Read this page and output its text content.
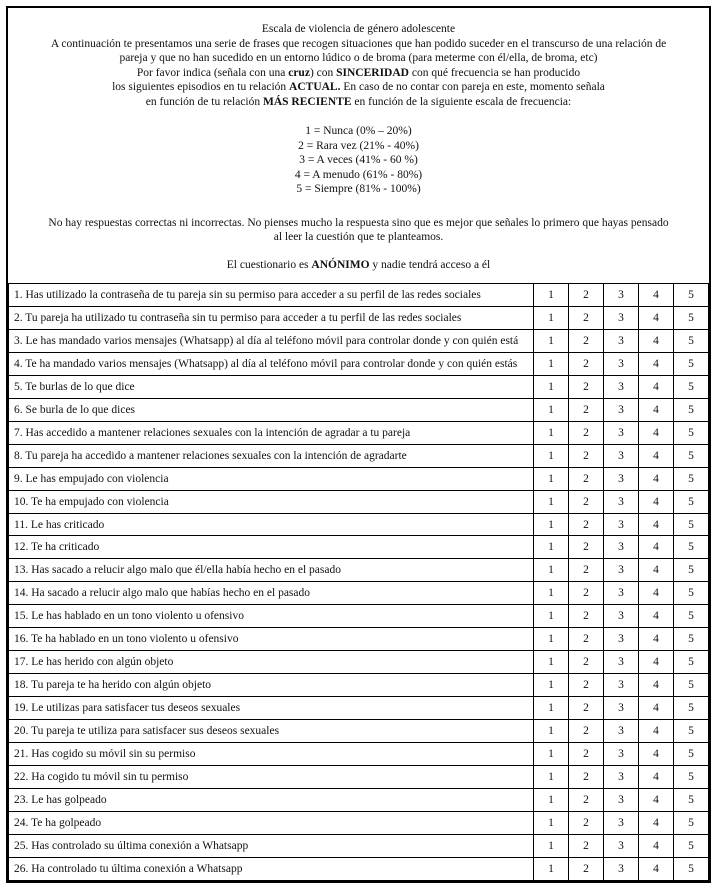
Escala de violencia de género adolescente
A continuación te presentamos una serie de frases que recogen situaciones que han podido suceder en el transcurso de una relación de
pareja y que no han sucedido en un entorno lúdico o de broma (para meterme con él/ella, de broma, etc)
Por favor indica (señala con una cruz) con SINCERIDAD con qué frecuencia se han producido
los siguientes episodios en tu relación ACTUAL. En caso de no contar con pareja en este, momento señala
en función de tu relación MÁS RECIENTE en función de la siguiente escala de frecuencia:
1 = Nunca (0% – 20%)
2 = Rara vez (21% - 40%)
3 = A veces (41% - 60 %)
4 = A menudo (61% - 80%)
5 = Siempre (81% - 100%)
No hay respuestas correctas ni incorrectas. No pienses mucho la respuesta sino que es mejor que señales lo primero que hayas pensado
al leer la cuestión que te planteamos.
El cuestionario es ANÓNIMO y nadie tendrá acceso a él
1. Has utilizado la contraseña de tu pareja sin su permiso para acceder a su perfil de las redes sociales	1	2	3	4	5
2. Tu pareja ha utilizado tu contraseña sin tu permiso para acceder a tu perfil de las redes sociales	1	2	3	4	5
3. Le has mandado varios mensajes (Whatsapp) al día al teléfono móvil para controlar donde y con quién está	1	2	3	4	5
4. Te ha mandado varios mensajes (Whatsapp) al día al teléfono móvil para controlar donde y con quién estás	1	2	3	4	5
5. Te burlas de lo que dice	1	2	3	4	5
6. Se burla de lo que dices	1	2	3	4	5
7. Has accedido a mantener relaciones sexuales con la intención de agradar a tu pareja	1	2	3	4	5
8. Tu pareja ha accedido a mantener relaciones sexuales con la intención de agradarte	1	2	3	4	5
9. Le has empujado con violencia	1	2	3	4	5
10. Te ha empujado con violencia	1	2	3	4	5
11. Le has criticado	1	2	3	4	5
12. Te ha criticado	1	2	3	4	5
13. Has sacado a relucir algo malo que él/ella había hecho en el pasado	1	2	3	4	5
14. Ha sacado a relucir algo malo que habías hecho en el pasado	1	2	3	4	5
15. Le has hablado en un tono violento u ofensivo	1	2	3	4	5
16. Te ha hablado en un tono violento u ofensivo	1	2	3	4	5
17. Le has herido con algún objeto	1	2	3	4	5
18. Tu pareja te ha herido con algún objeto	1	2	3	4	5
19. Le utilizas para satisfacer tus deseos sexuales	1	2	3	4	5
20. Tu pareja te utiliza para satisfacer sus deseos sexuales	1	2	3	4	5
21. Has cogido su móvil sin su permiso	1	2	3	4	5
22. Ha cogido tu móvil sin tu permiso	1	2	3	4	5
23. Le has golpeado	1	2	3	4	5
24. Te ha golpeado	1	2	3	4	5
25. Has controlado su última conexión a Whatsapp	1	2	3	4	5
26. Ha controlado tu última conexión a Whatsapp	1	2	3	4	5
